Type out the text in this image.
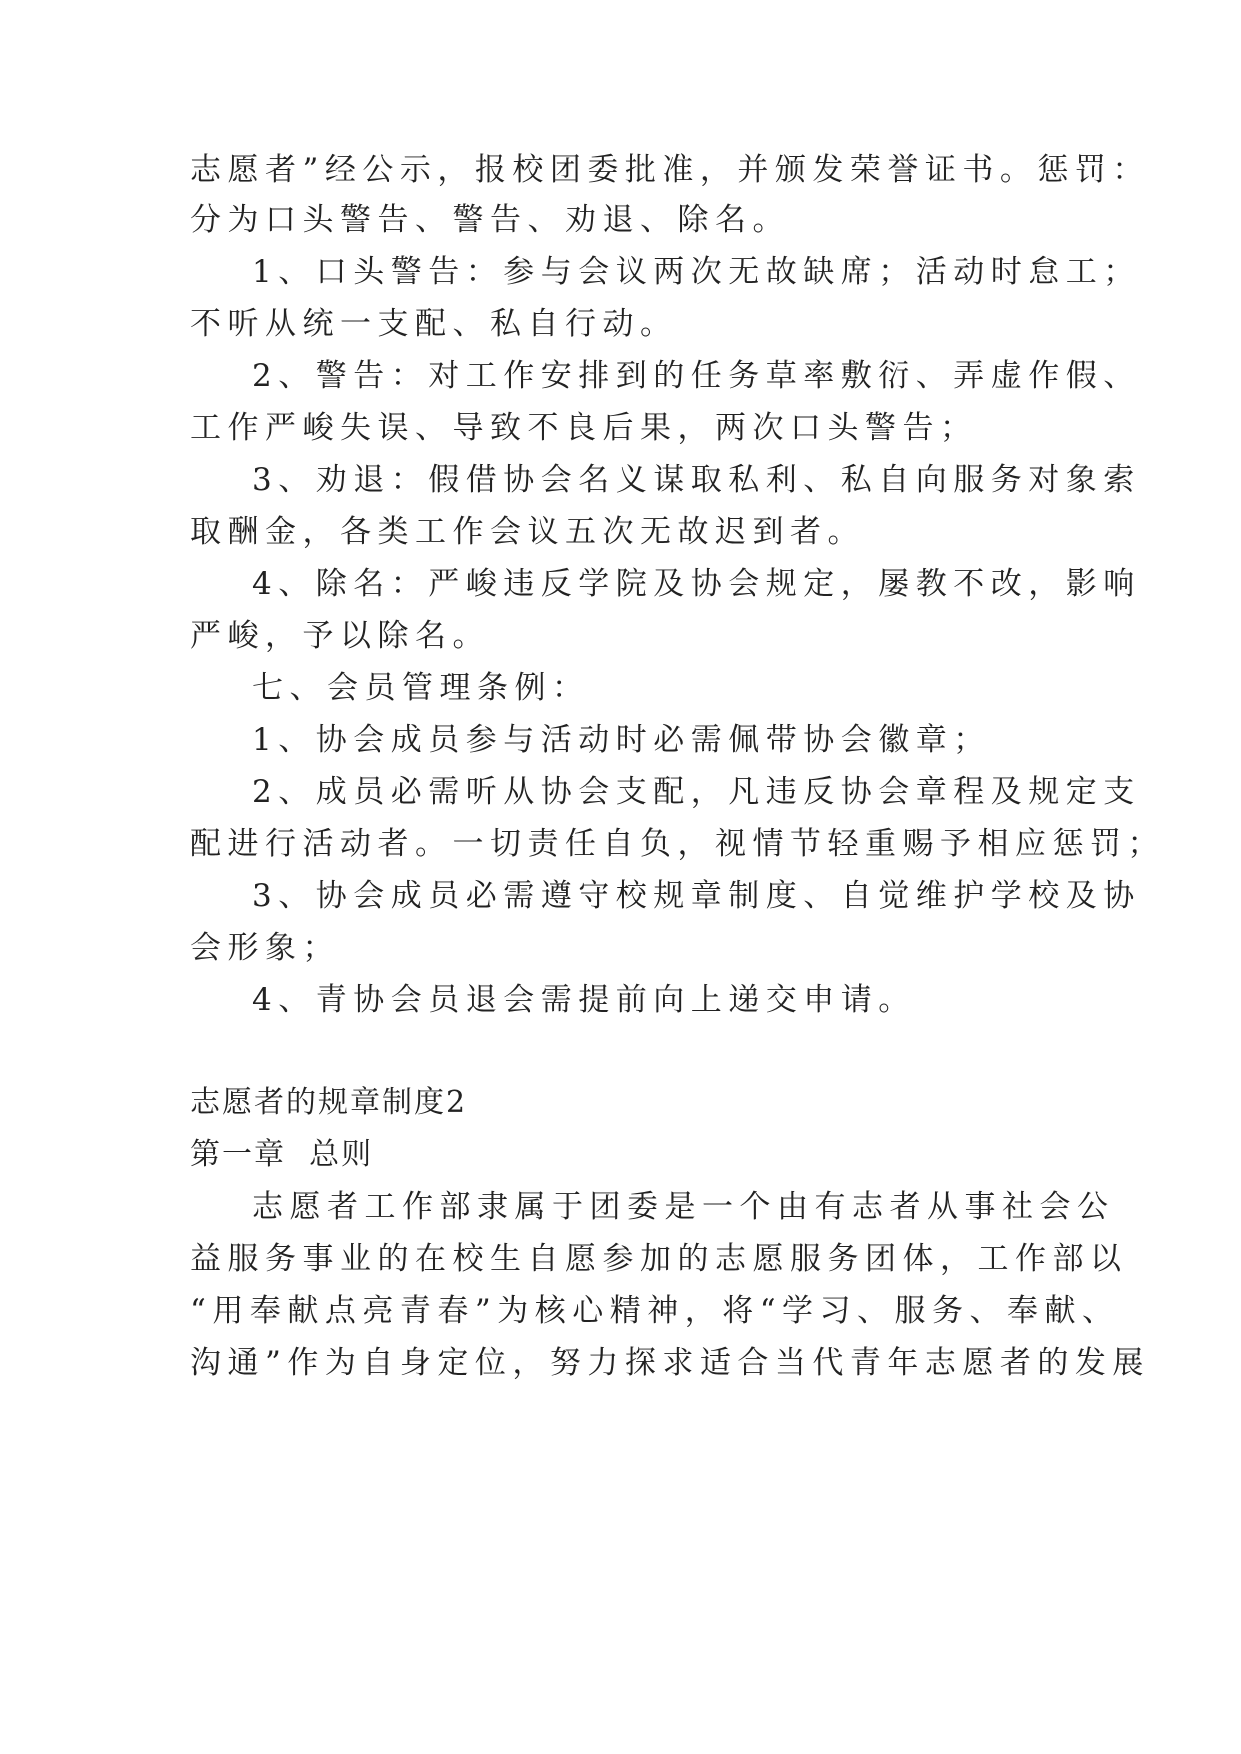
志愿者”经公示，报校团委批准，并颁发荣誉证书。惩罚：
分为口头警告、警告、劝退、除名。
1、口头警告：参与会议两次无故缺席；活动时怠工；
不听从统一支配、私自行动。
2、警告：对工作安排到的任务草率敷衍、弄虚作假、
工作严峻失误、导致不良后果，两次口头警告；
3、劝退：假借协会名义谋取私利、私自向服务对象索
取酬金，各类工作会议五次无故迟到者。
4、除名：严峻违反学院及协会规定，屡教不改，影响
严峻，予以除名。
七、会员管理条例：
1、协会成员参与活动时必需佩带协会徽章；
2、成员必需听从协会支配，凡违反协会章程及规定支
配进行活动者。一切责任自负，视情节轻重赐予相应惩罚；
3、协会成员必需遵守校规章制度、自觉维护学校及协
会形象；
4、青协会员退会需提前向上递交申请。
志愿者的规章制度2
第一章  总则
志愿者工作部隶属于团委是一个由有志者从事社会公
益服务事业的在校生自愿参加的志愿服务团体，工作部以
“用奉献点亮青春”为核心精神，将“学习、服务、奉献、
沟通”作为自身定位，努力探求适合当代青年志愿者的发展
